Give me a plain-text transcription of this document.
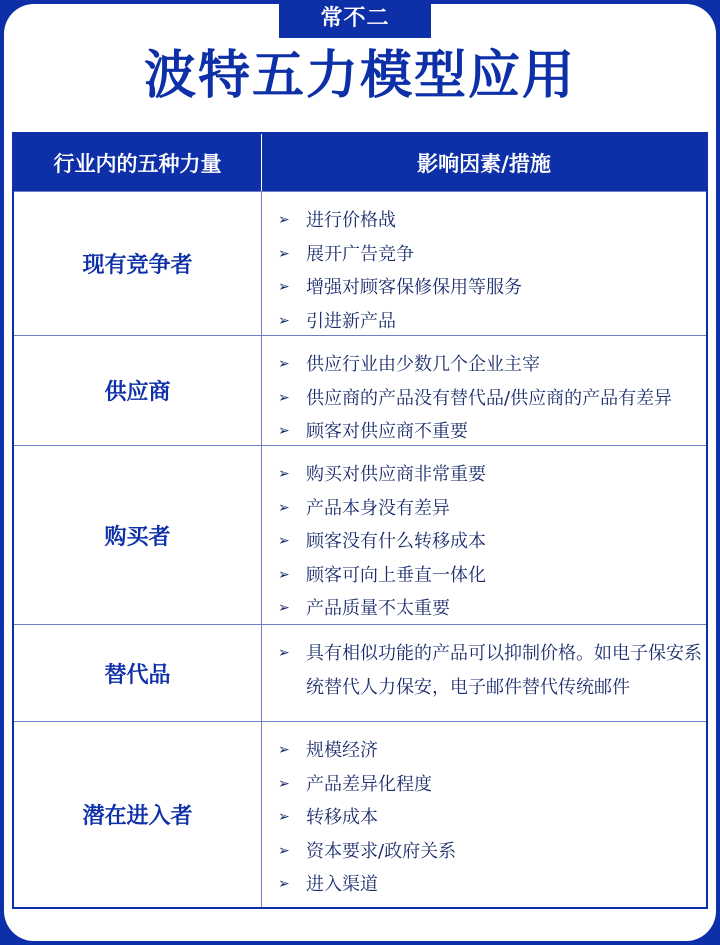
常不二
波特五力模型应用
行业内的五种力量	影响因素/措施
现有竞争者
➢ 进行价格战
➢ 展开广告竞争
➢ 增强对顾客保修保用等服务
➢ 引进新产品
供应商
➢ 供应行业由少数几个企业主宰
➢ 供应商的产品没有替代品/供应商的产品有差异
➢ 顾客对供应商不重要
购买者
➢ 购买对供应商非常重要
➢ 产品本身没有差异
➢ 顾客没有什么转移成本
➢ 顾客可向上垂直一体化
➢ 产品质量不太重要
替代品
➢ 具有相似功能的产品可以抑制价格。如电子保安系统替代人力保安，电子邮件替代传统邮件
潜在进入者
➢ 规模经济
➢ 产品差异化程度
➢ 转移成本
➢ 资本要求/政府关系
➢ 进入渠道
